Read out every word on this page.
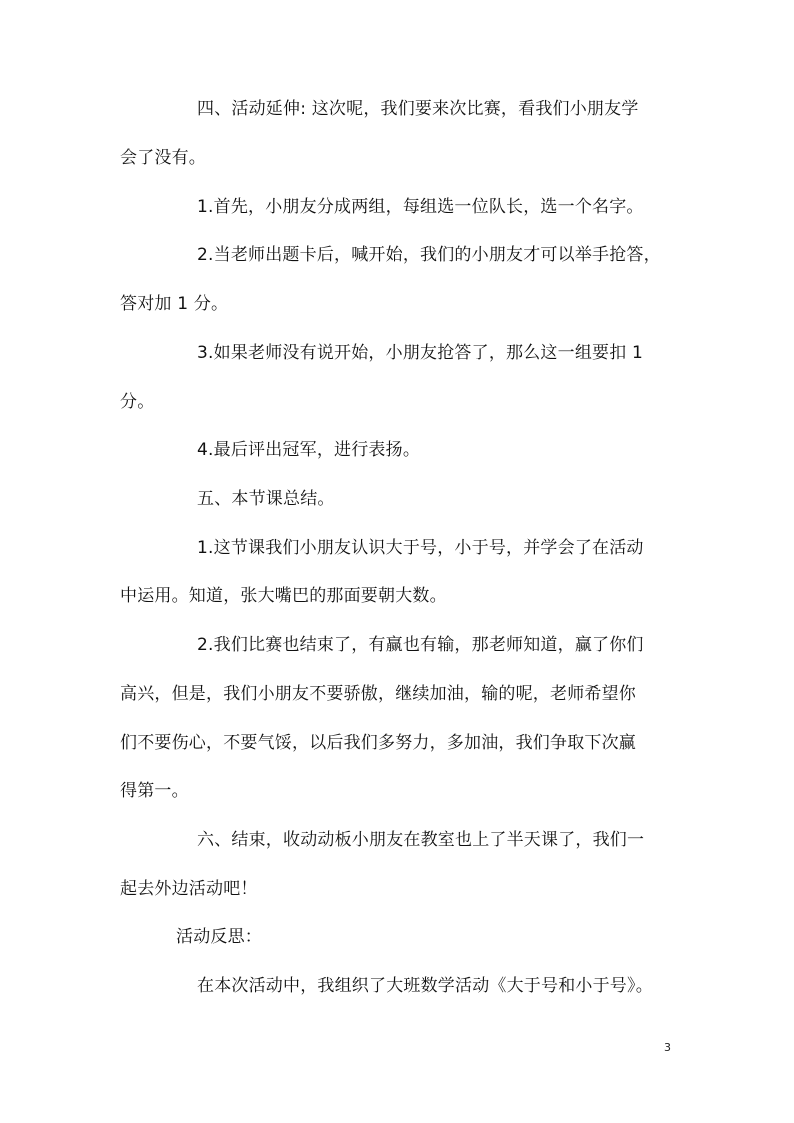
四、活动延伸: 这次呢，我们要来次比赛，看我们小朋友学
会了没有。
1.首先，小朋友分成两组，每组选一位队长，选一个名字。
2.当老师出题卡后，喊开始，我们的小朋友才可以举手抢答，
答对加 1 分。
3.如果老师没有说开始，小朋友抢答了，那么这一组要扣 1
分。
4.最后评出冠军，进行表扬。
五、本节课总结。
1.这节课我们小朋友认识大于号，小于号，并学会了在活动
中运用。知道，张大嘴巴的那面要朝大数。
2.我们比赛也结束了，有赢也有输，那老师知道，赢了你们
高兴，但是，我们小朋友不要骄傲，继续加油，输的呢，老师希望你
们不要伤心，不要气馁，以后我们多努力，多加油，我们争取下次赢
得第一。
六、结束，收动动板小朋友在教室也上了半天课了，我们一
起去外边活动吧！
活动反思：
在本次活动中，我组织了大班数学活动《大于号和小于号》。
3
